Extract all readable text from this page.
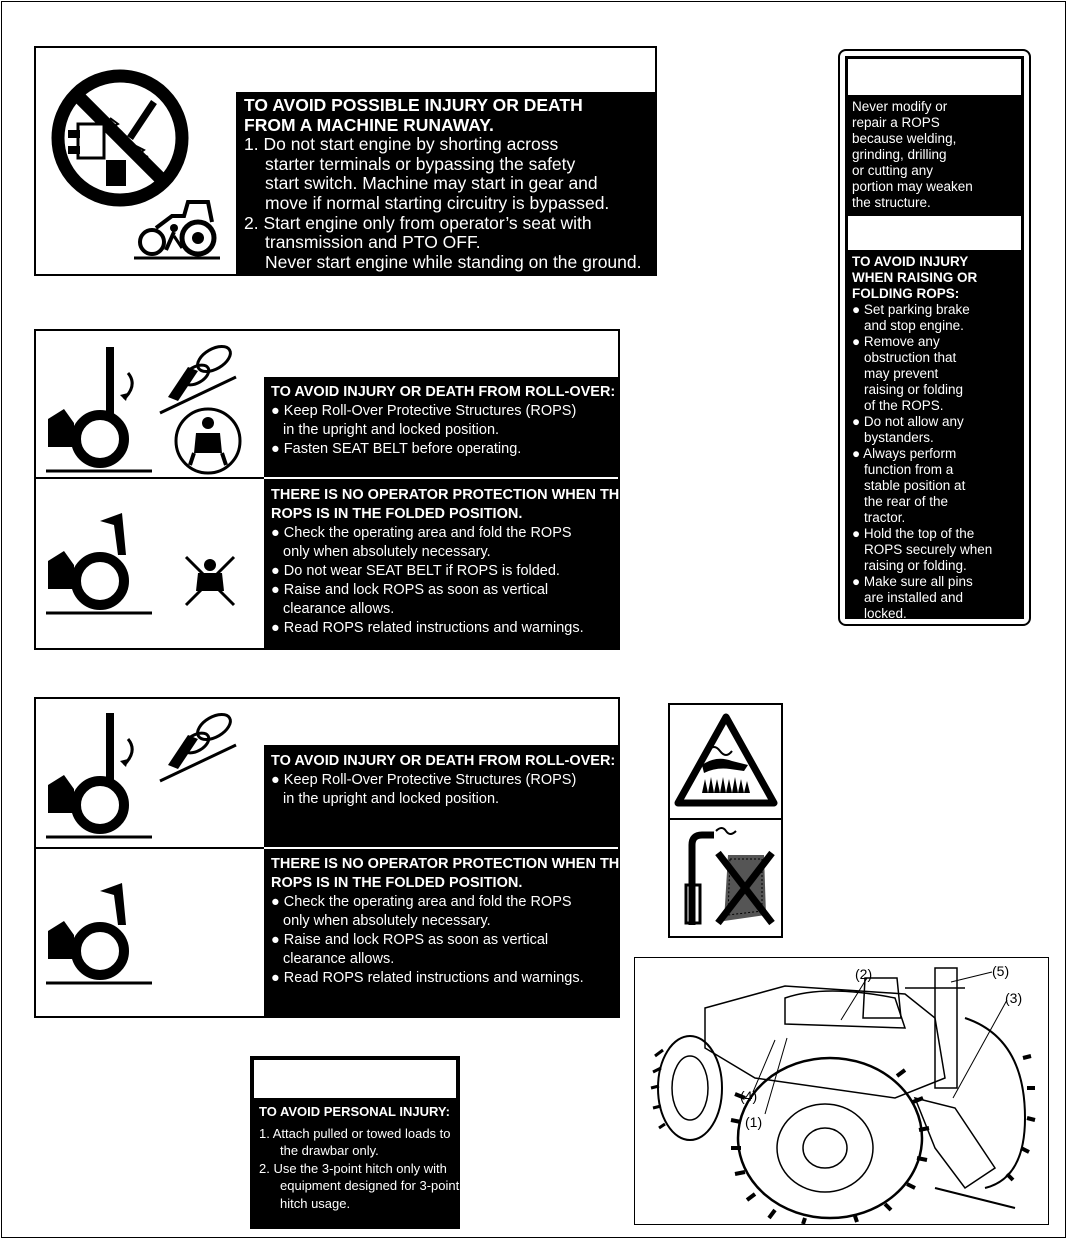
TO AVOID POSSIBLE INJURY OR DEATH
FROM A MACHINE RUNAWAY.
1. Do not start engine by shorting across
starter terminals or bypassing the safety
start switch. Machine may start in gear and
move if normal starting circuitry is bypassed.
2. Start engine only from operator’s seat with
transmission and PTO OFF.
Never start engine while standing on the ground.
TO AVOID INJURY OR DEATH FROM ROLL-OVER:
● Keep Roll-Over Protective Structures (ROPS)
in the upright and locked position.
● Fasten SEAT BELT before operating.
THERE IS NO OPERATOR PROTECTION WHEN THE
ROPS IS IN THE FOLDED POSITION.
● Check the operating area and fold the ROPS
only when absolutely necessary.
● Do not wear SEAT BELT if ROPS is folded.
● Raise and lock ROPS as soon as vertical
clearance allows.
● Read ROPS related instructions and warnings.
TO AVOID INJURY OR DEATH FROM ROLL-OVER:
● Keep Roll-Over Protective Structures (ROPS)
in the upright and locked position.
THERE IS NO OPERATOR PROTECTION WHEN THE
ROPS IS IN THE FOLDED POSITION.
● Check the operating area and fold the ROPS
only when absolutely necessary.
● Raise and lock ROPS as soon as vertical
clearance allows.
● Read ROPS related instructions and warnings.
TO AVOID PERSONAL INJURY:
1. Attach pulled or towed loads to
the drawbar only.
2. Use the 3-point hitch only with
equipment designed for 3-point
hitch usage.
Never modify or
repair a ROPS
because welding,
grinding, drilling
or cutting any
portion may weaken
the structure.
TO AVOID INJURY
WHEN RAISING OR
FOLDING ROPS:
● Set parking brake
and stop engine.
● Remove any
obstruction that
may prevent
raising or folding
of the ROPS.
● Do not allow any
bystanders.
● Always perform
function from a
stable position at
the rear of the
tractor.
● Hold the top of the
ROPS securely when
raising or folding.
● Make sure all pins
are installed and
locked.
(2)	(5)
(3)
(4)
(1)
